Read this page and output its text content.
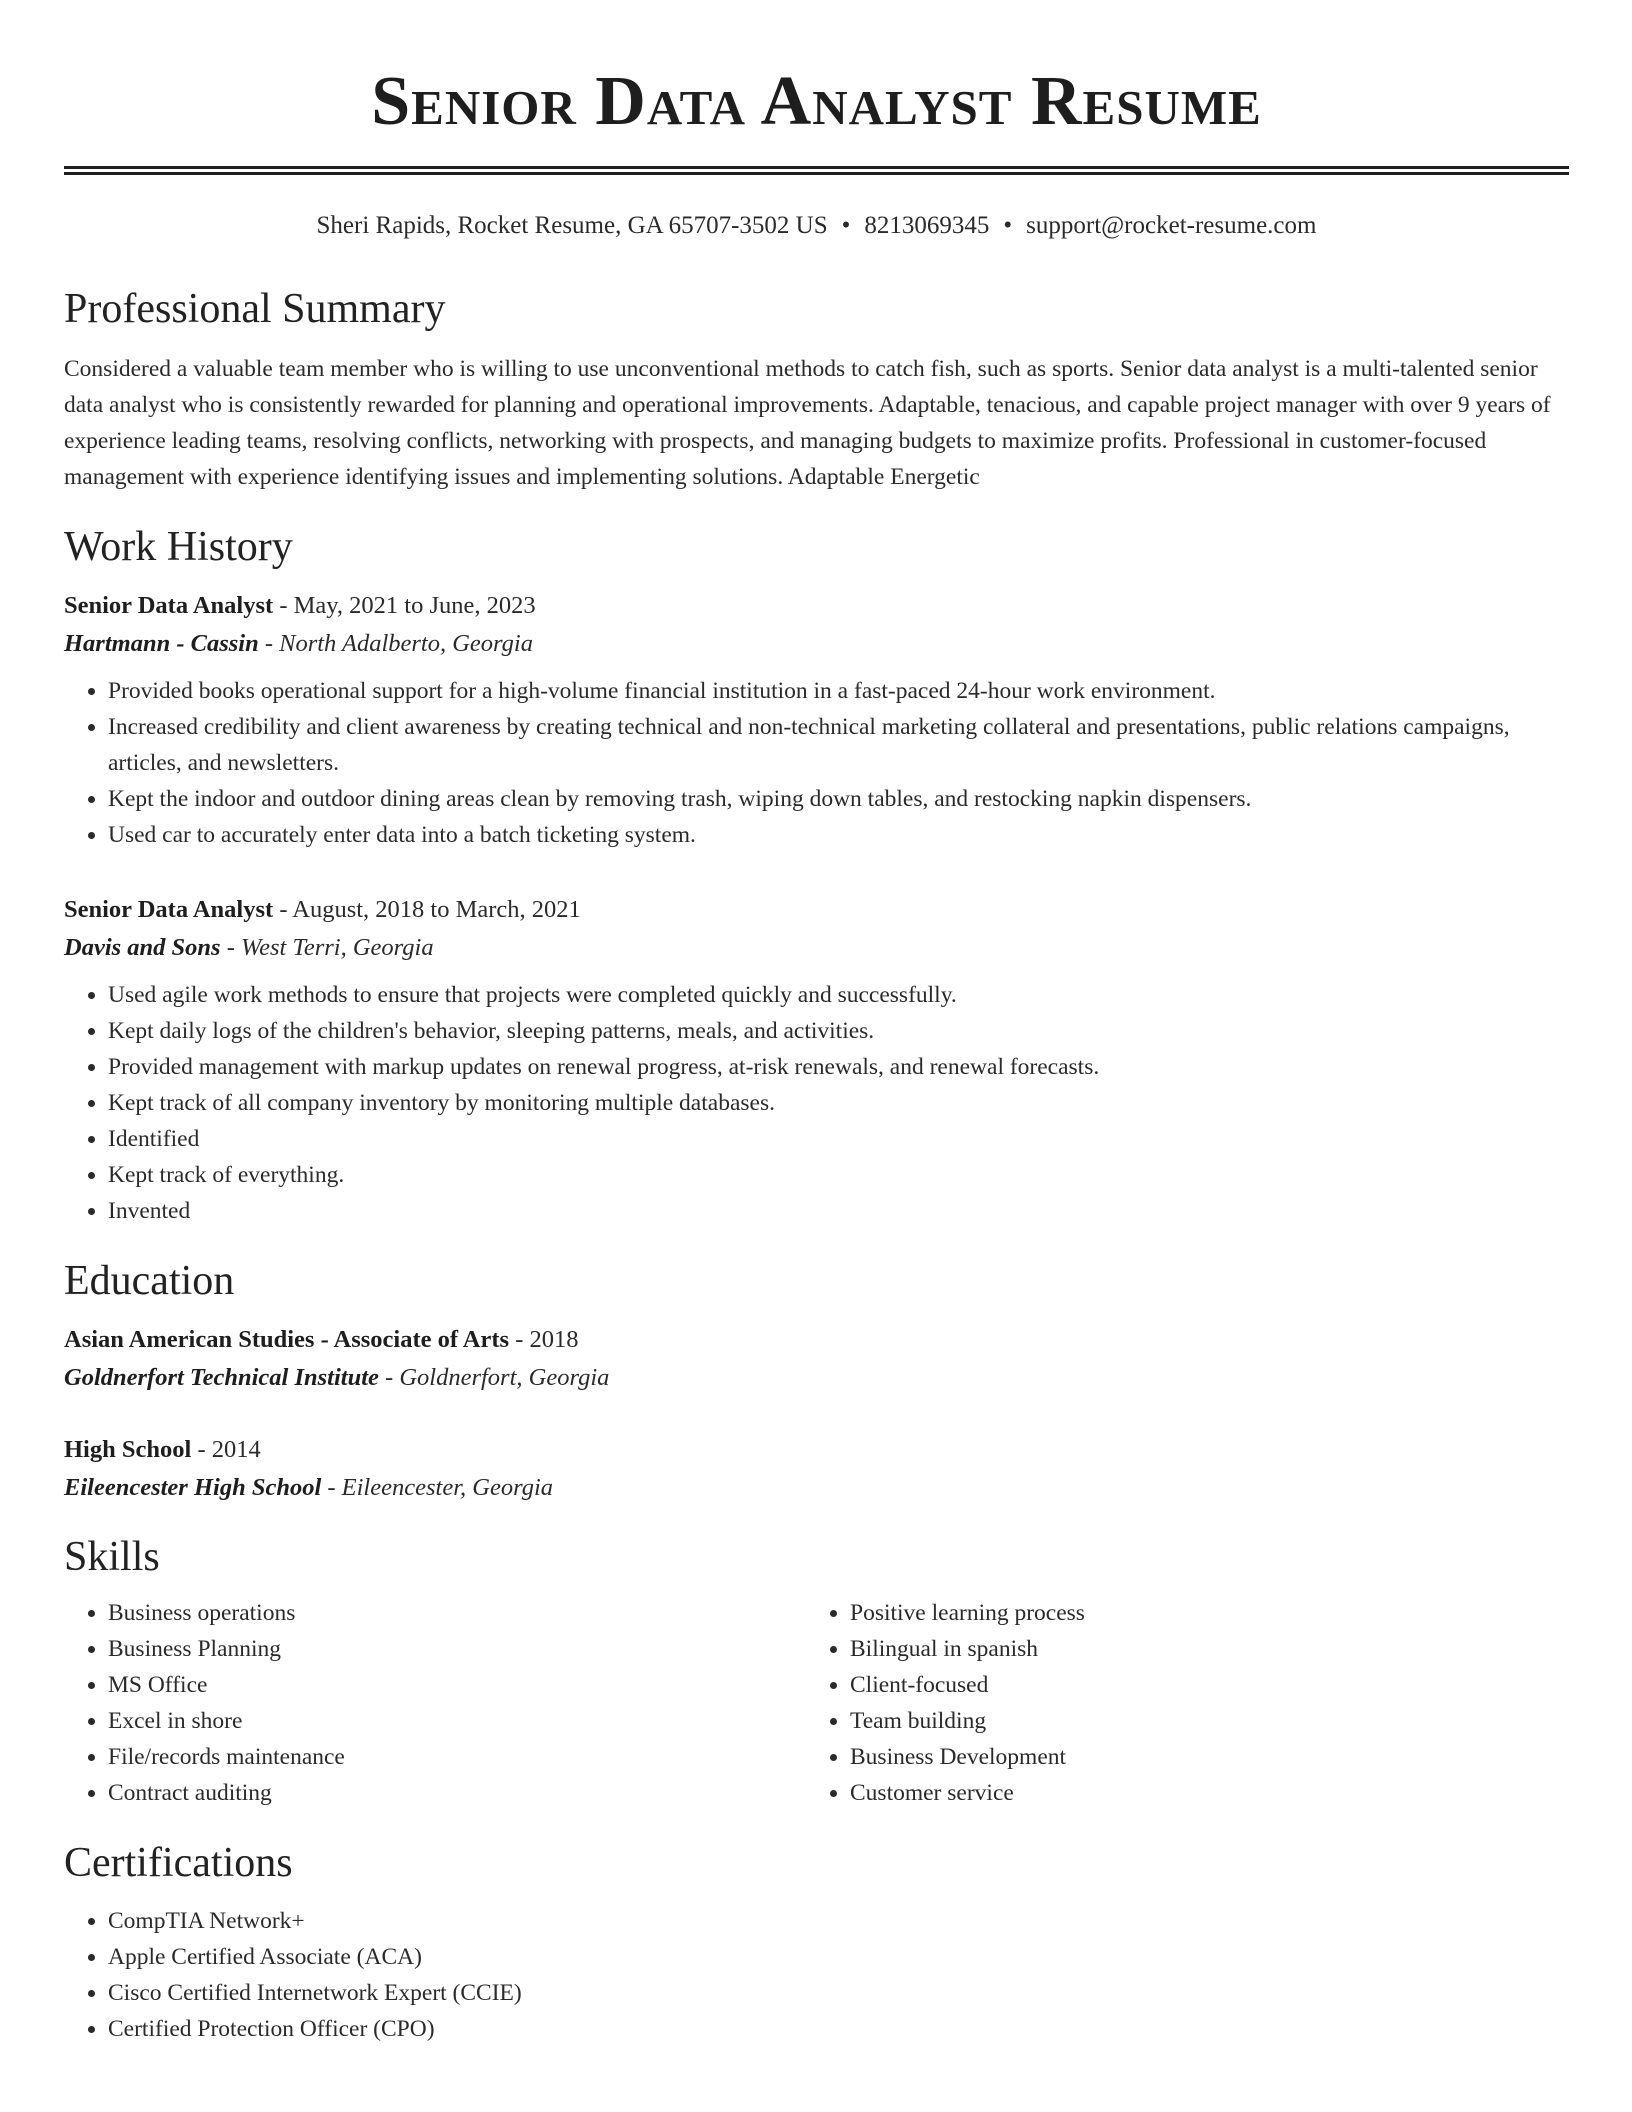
Senior Data Analyst Resume
Sheri Rapids, Rocket Resume, GA 65707-3502 US • 8213069345 • support@rocket-resume.com
Professional Summary
Considered a valuable team member who is willing to use unconventional methods to catch fish, such as sports. Senior data analyst is a multi-talented senior data analyst who is consistently rewarded for planning and operational improvements. Adaptable, tenacious, and capable project manager with over 9 years of experience leading teams, resolving conflicts, networking with prospects, and managing budgets to maximize profits. Professional in customer-focused management with experience identifying issues and implementing solutions. Adaptable Energetic
Work History
Senior Data Analyst - May, 2021 to June, 2023
Hartmann - Cassin - North Adalberto, Georgia
• Provided books operational support for a high-volume financial institution in a fast-paced 24-hour work environment.
• Increased credibility and client awareness by creating technical and non-technical marketing collateral and presentations, public relations campaigns, articles, and newsletters.
• Kept the indoor and outdoor dining areas clean by removing trash, wiping down tables, and restocking napkin dispensers.
• Used car to accurately enter data into a batch ticketing system.
Senior Data Analyst - August, 2018 to March, 2021
Davis and Sons - West Terri, Georgia
• Used agile work methods to ensure that projects were completed quickly and successfully.
• Kept daily logs of the children's behavior, sleeping patterns, meals, and activities.
• Provided management with markup updates on renewal progress, at-risk renewals, and renewal forecasts.
• Kept track of all company inventory by monitoring multiple databases.
• Identified
• Kept track of everything.
• Invented
Education
Asian American Studies - Associate of Arts - 2018
Goldnerfort Technical Institute - Goldnerfort, Georgia
High School - 2014
Eileencester High School - Eileencester, Georgia
Skills
• Business operations
• Business Planning
• MS Office
• Excel in shore
• File/records maintenance
• Contract auditing
• Positive learning process
• Bilingual in spanish
• Client-focused
• Team building
• Business Development
• Customer service
Certifications
• CompTIA Network+
• Apple Certified Associate (ACA)
• Cisco Certified Internetwork Expert (CCIE)
• Certified Protection Officer (CPO)
